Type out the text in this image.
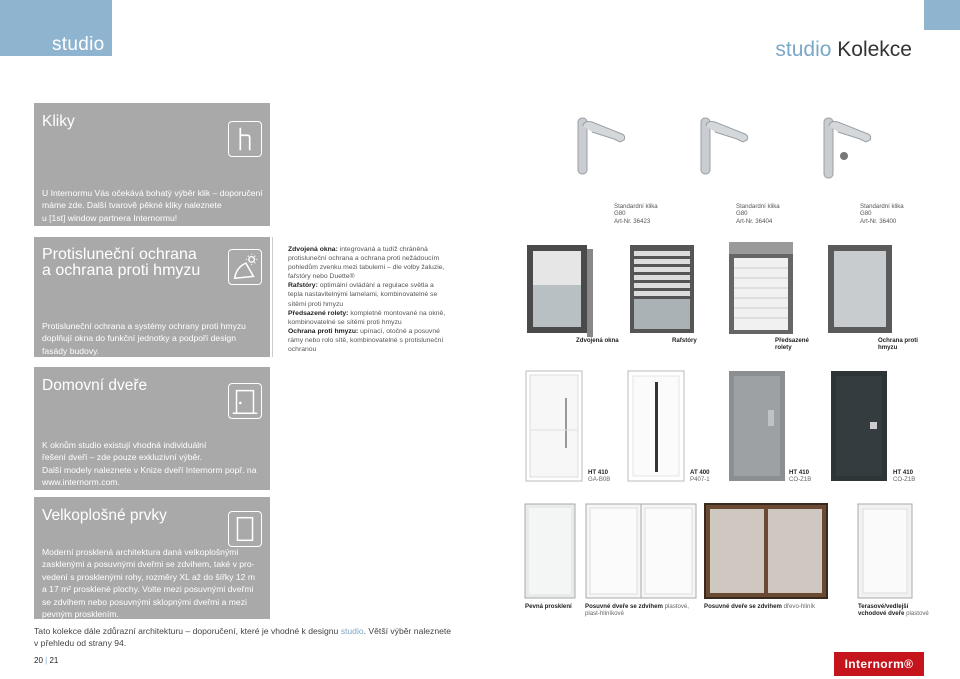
studio	studio Kolekce
Kliky
U Internormu Vás očekává bohatý výběr klik – doporučení
máme zde. Další tvarově pěkné kliky naleznete
u [1st] window partnera Internormu!
Standardní klika
G80
Art-Nr. 36423
Standardní klika
G80
Art-Nr. 36404
Standardní klika
G80
Art-Nr. 36400
Protisluneční ochrana
a ochrana proti hmyzu
Protisluneční ochrana a systémy ochrany proti hmyzu
doplňují okna do funkční jednotky a podpoří design
fasády budovy.
Zdvojená okna: integrovaná a tudíž chráněná protisluneční ochrana a ochrana proti nežádoucím pohledům zvenku mezi tabulemi – dle volby žaluzie, fařstóry nebo Duette®
Rafstóry: optimální ovládání a regulace světla a tepla nastavitelnými lamelami, kombinovatelné se sítěmi proti hmyzu
Předsazené rolety: kompletně montované na okně, kombinovatelné se sítěmi proti hmyzu
Ochrana proti hmyzu: upínací, otočné a posuvné rámy nebo rolo sítě, kombinovatelné s protisluneční ochranou
Zdvojená okna	Rafstóry	Předsazené
rolety
Ochrana proti
hmyzu
Domovní dveře
K oknům studio existují vhodná individuální
řešení dveří – zde pouze exkluzivní výběr.
Další modely naleznete v Knize dveří Internorm popř. na
www.internorm.com.
HT 410
GA-B0B
AT 400
P407-1
HT 410
CO-Z1B
HT 410
CO-Z1B
Velkoplošné prvky
Moderní prosklená architektura daná velkoplošnými
zasklenými a posuvnými dveřmi se zdvihem, také v pro-
vedení s prosklenými rohy, rozměry XL až do šířky 12 m
a 17 m² prosklené plochy. Volte mezi posuvnými dveřmi
se zdvihem nebo posuvnými sklopnými dveřmi a mezi
pevným prosklením.
Pevná prosklení Posuvné dveře se zdvihem plastové,
plast-hliníkové
Posuvné dveře se zdvihem dřevo-hliník	Terasové/vedlejší
vchodové dveře plastové
Tato kolekce dále zdůrazní architekturu – doporučení, které je vhodné k designu studio. Větší výběr naleznete
v přehledu od strany 94.
20 | 21	Internorm®
